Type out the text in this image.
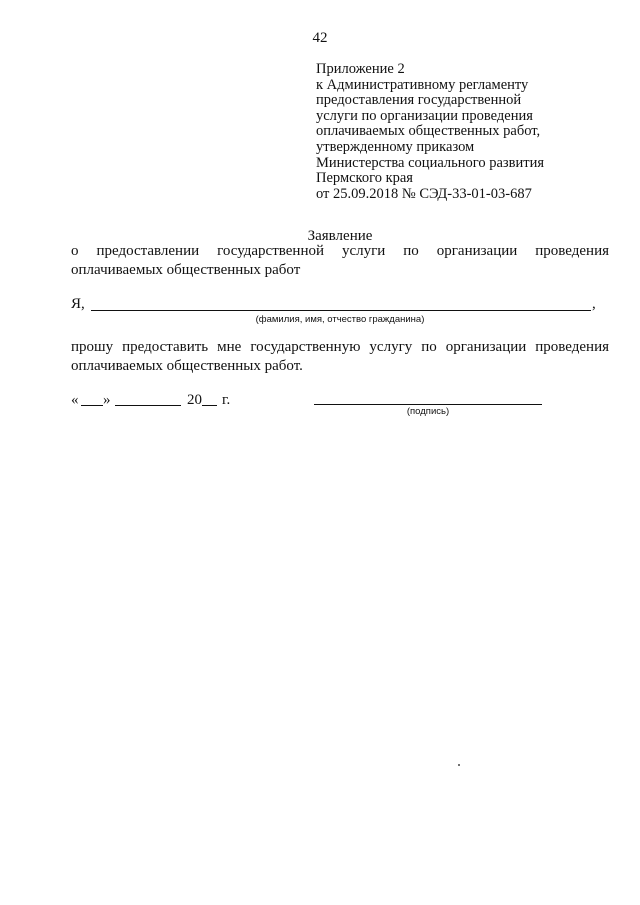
42
Приложение 2
к Административному регламенту
предоставления государственной
услуги по организации проведения
оплачиваемых общественных работ,
утвержденному приказом
Министерства социального развития
Пермского края
от 25.09.2018 № СЭД-33-01-03-687
Заявление
о предоставлении государственной услуги по организации проведения
оплачиваемых общественных работ
Я,	,
(фамилия, имя, отчество гражданина)
прошу предоставить мне государственную услугу по организации проведения
оплачиваемых общественных работ.
« »	20 г.
(подпись)
